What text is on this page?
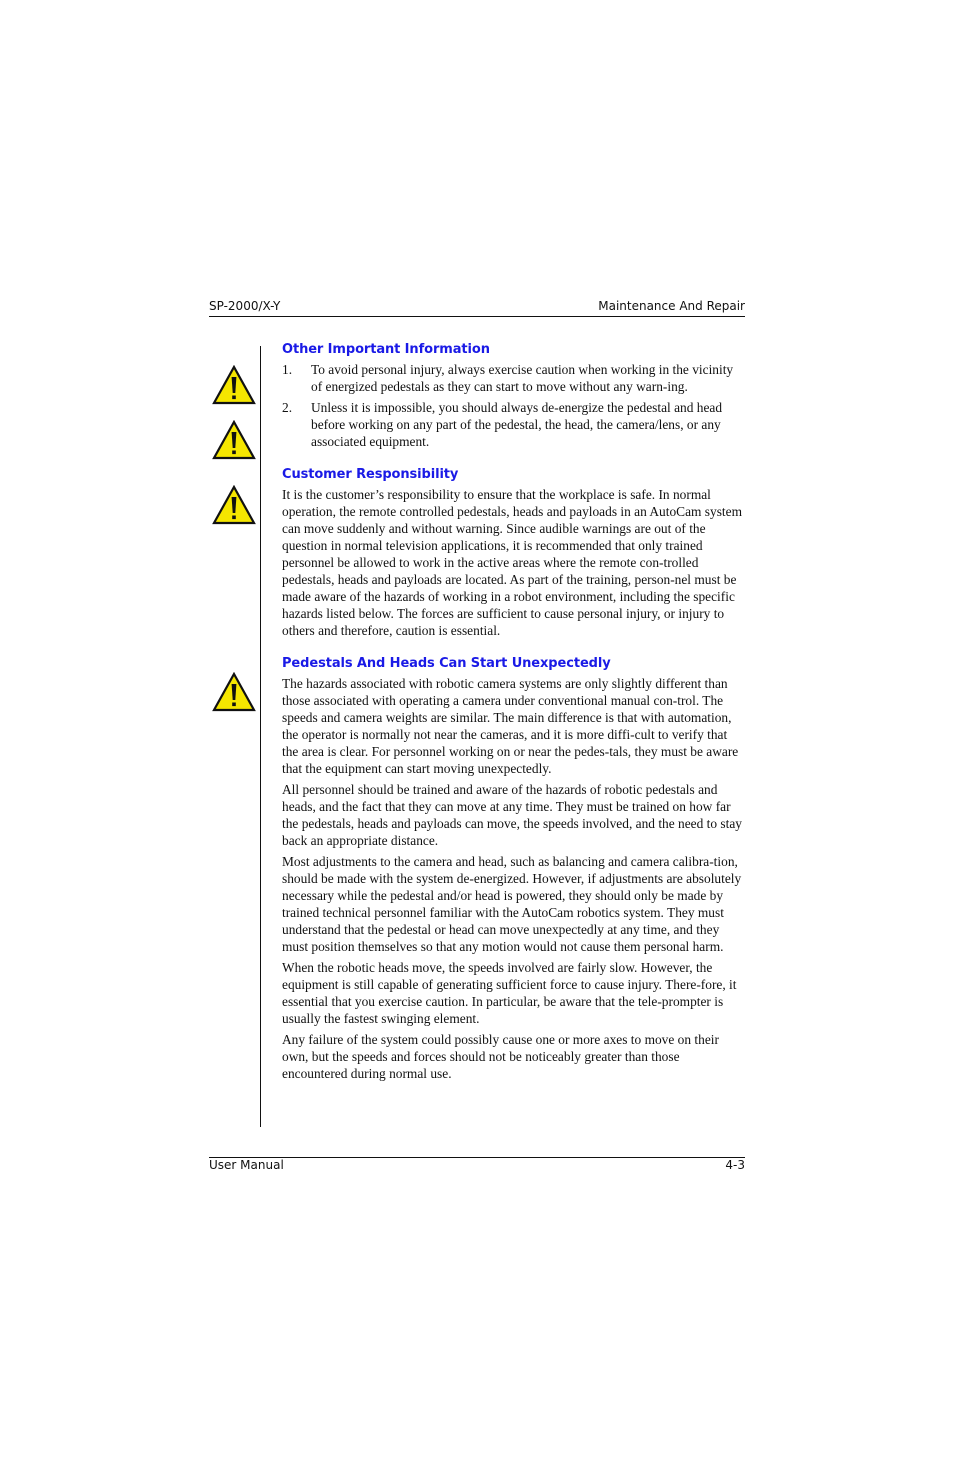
SP-2000/X-Y	Maintenance And Repair
Other Important Information
1.	To avoid personal injury, always exercise caution when working in the vicinity of energized pedestals as they can start to move without any warn-ing.
2.	Unless it is impossible, you should always de-energize the pedestal and head before working on any part of the pedestal, the head, the camera/lens, or any associated equipment.
Customer Responsibility

It is the customer’s responsibility to ensure that the workplace is safe. In normal operation, the remote controlled pedestals, heads and payloads in an AutoCam system can move suddenly and without warning. Since audible warnings are out of the question in normal television applications, it is recommended that only trained personnel be allowed to work in the active areas where the remote con-trolled pedestals, heads and payloads are located. As part of the training, person-nel must be made aware of the hazards of working in a robot environment, including the specific hazards listed below. The forces are sufficient to cause personal injury, or injury to others and therefore, caution is essential.

Pedestals And Heads Can Start Unexpectedly

The hazards associated with robotic camera systems are only slightly different than those associated with operating a camera under conventional manual con-trol. The speeds and camera weights are similar. The main difference is that with automation, the operator is normally not near the cameras, and it is more diffi-cult to verify that the area is clear. For personnel working on or near the pedes-tals, they must be aware that the equipment can start moving unexpectedly.

All personnel should be trained and aware of the hazards of robotic pedestals and heads, and the fact that they can move at any time. They must be trained on how far the pedestals, heads and payloads can move, the speeds involved, and the need to stay back an appropriate distance.

Most adjustments to the camera and head, such as balancing and camera calibra-tion, should be made with the system de-energized. However, if adjustments are absolutely necessary while the pedestal and/or head is powered, they should only be made by trained technical personnel familiar with the AutoCam robotics system. They must understand that the pedestal or head can move unexpectedly at any time, and they must position themselves so that any motion would not cause them personal harm.

When the robotic heads move, the speeds involved are fairly slow. However, the equipment is still capable of generating sufficient force to cause injury. There-fore, it essential that you exercise caution. In particular, be aware that the tele-prompter is usually the fastest swinging element.

Any failure of the system could possibly cause one or more axes to move on their own, but the speeds and forces should not be noticeably greater than those encountered during normal use.

User Manual	4-3
